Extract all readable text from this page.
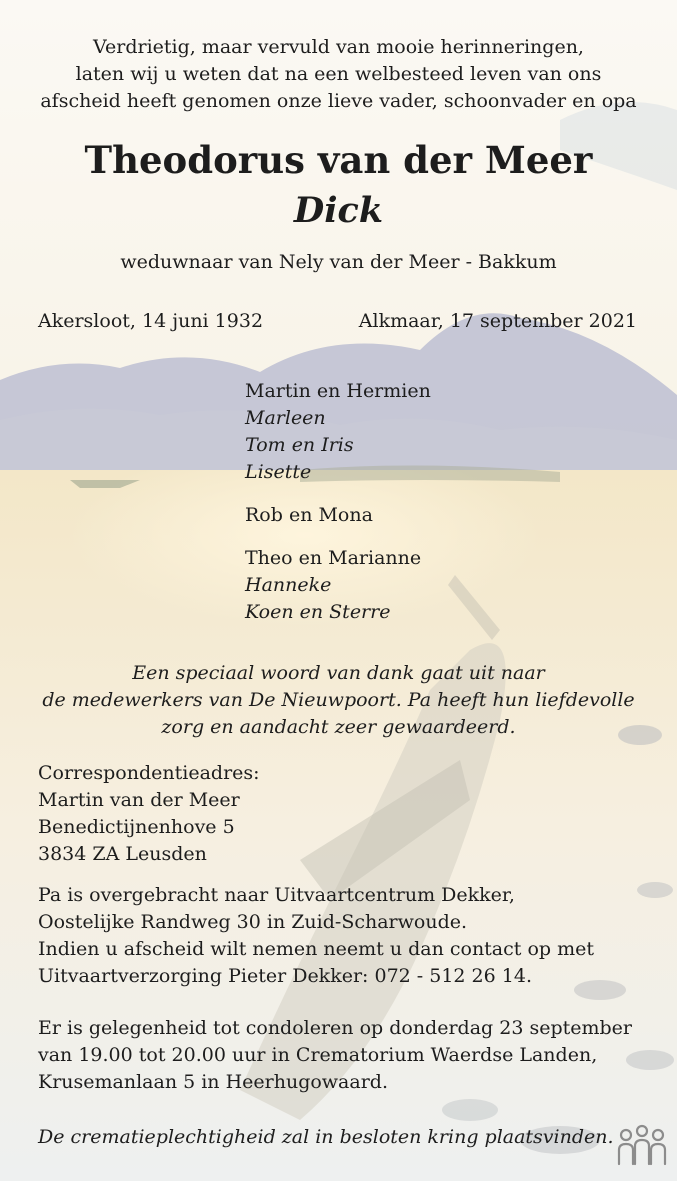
Verdrietig, maar vervuld van mooie herinneringen,
laten wij u weten dat na een welbesteed leven van ons
afscheid heeft genomen onze lieve vader, schoonvader en opa
Theodorus van der Meer
Dick
weduwnaar van Nely van der Meer - Bakkum
Akersloot, 14 juni 1932	Alkmaar, 17 september 2021
Martin en Hermien
Marleen
Tom en Iris
Lisette
Rob en Mona
Theo en Marianne
Hanneke
Koen en Sterre
Een speciaal woord van dank gaat uit naar
de medewerkers van De Nieuwpoort. Pa heeft hun liefdevolle
zorg en aandacht zeer gewaardeerd.
Correspondentieadres:
Martin van der Meer
Benedictijnenhove 5
3834 ZA Leusden
Pa is overgebracht naar Uitvaartcentrum Dekker,
Oostelijke Randweg 30 in Zuid-Scharwoude.
Indien u afscheid wilt nemen neemt u dan contact op met
Uitvaartverzorging Pieter Dekker: 072 - 512 26 14.
Er is gelegenheid tot condoleren op donderdag 23 september
van 19.00 tot 20.00 uur in Crematorium Waerdse Landen,
Krusemanlaan 5 in Heerhugowaard.
De crematieplechtigheid zal in besloten kring plaatsvinden.
